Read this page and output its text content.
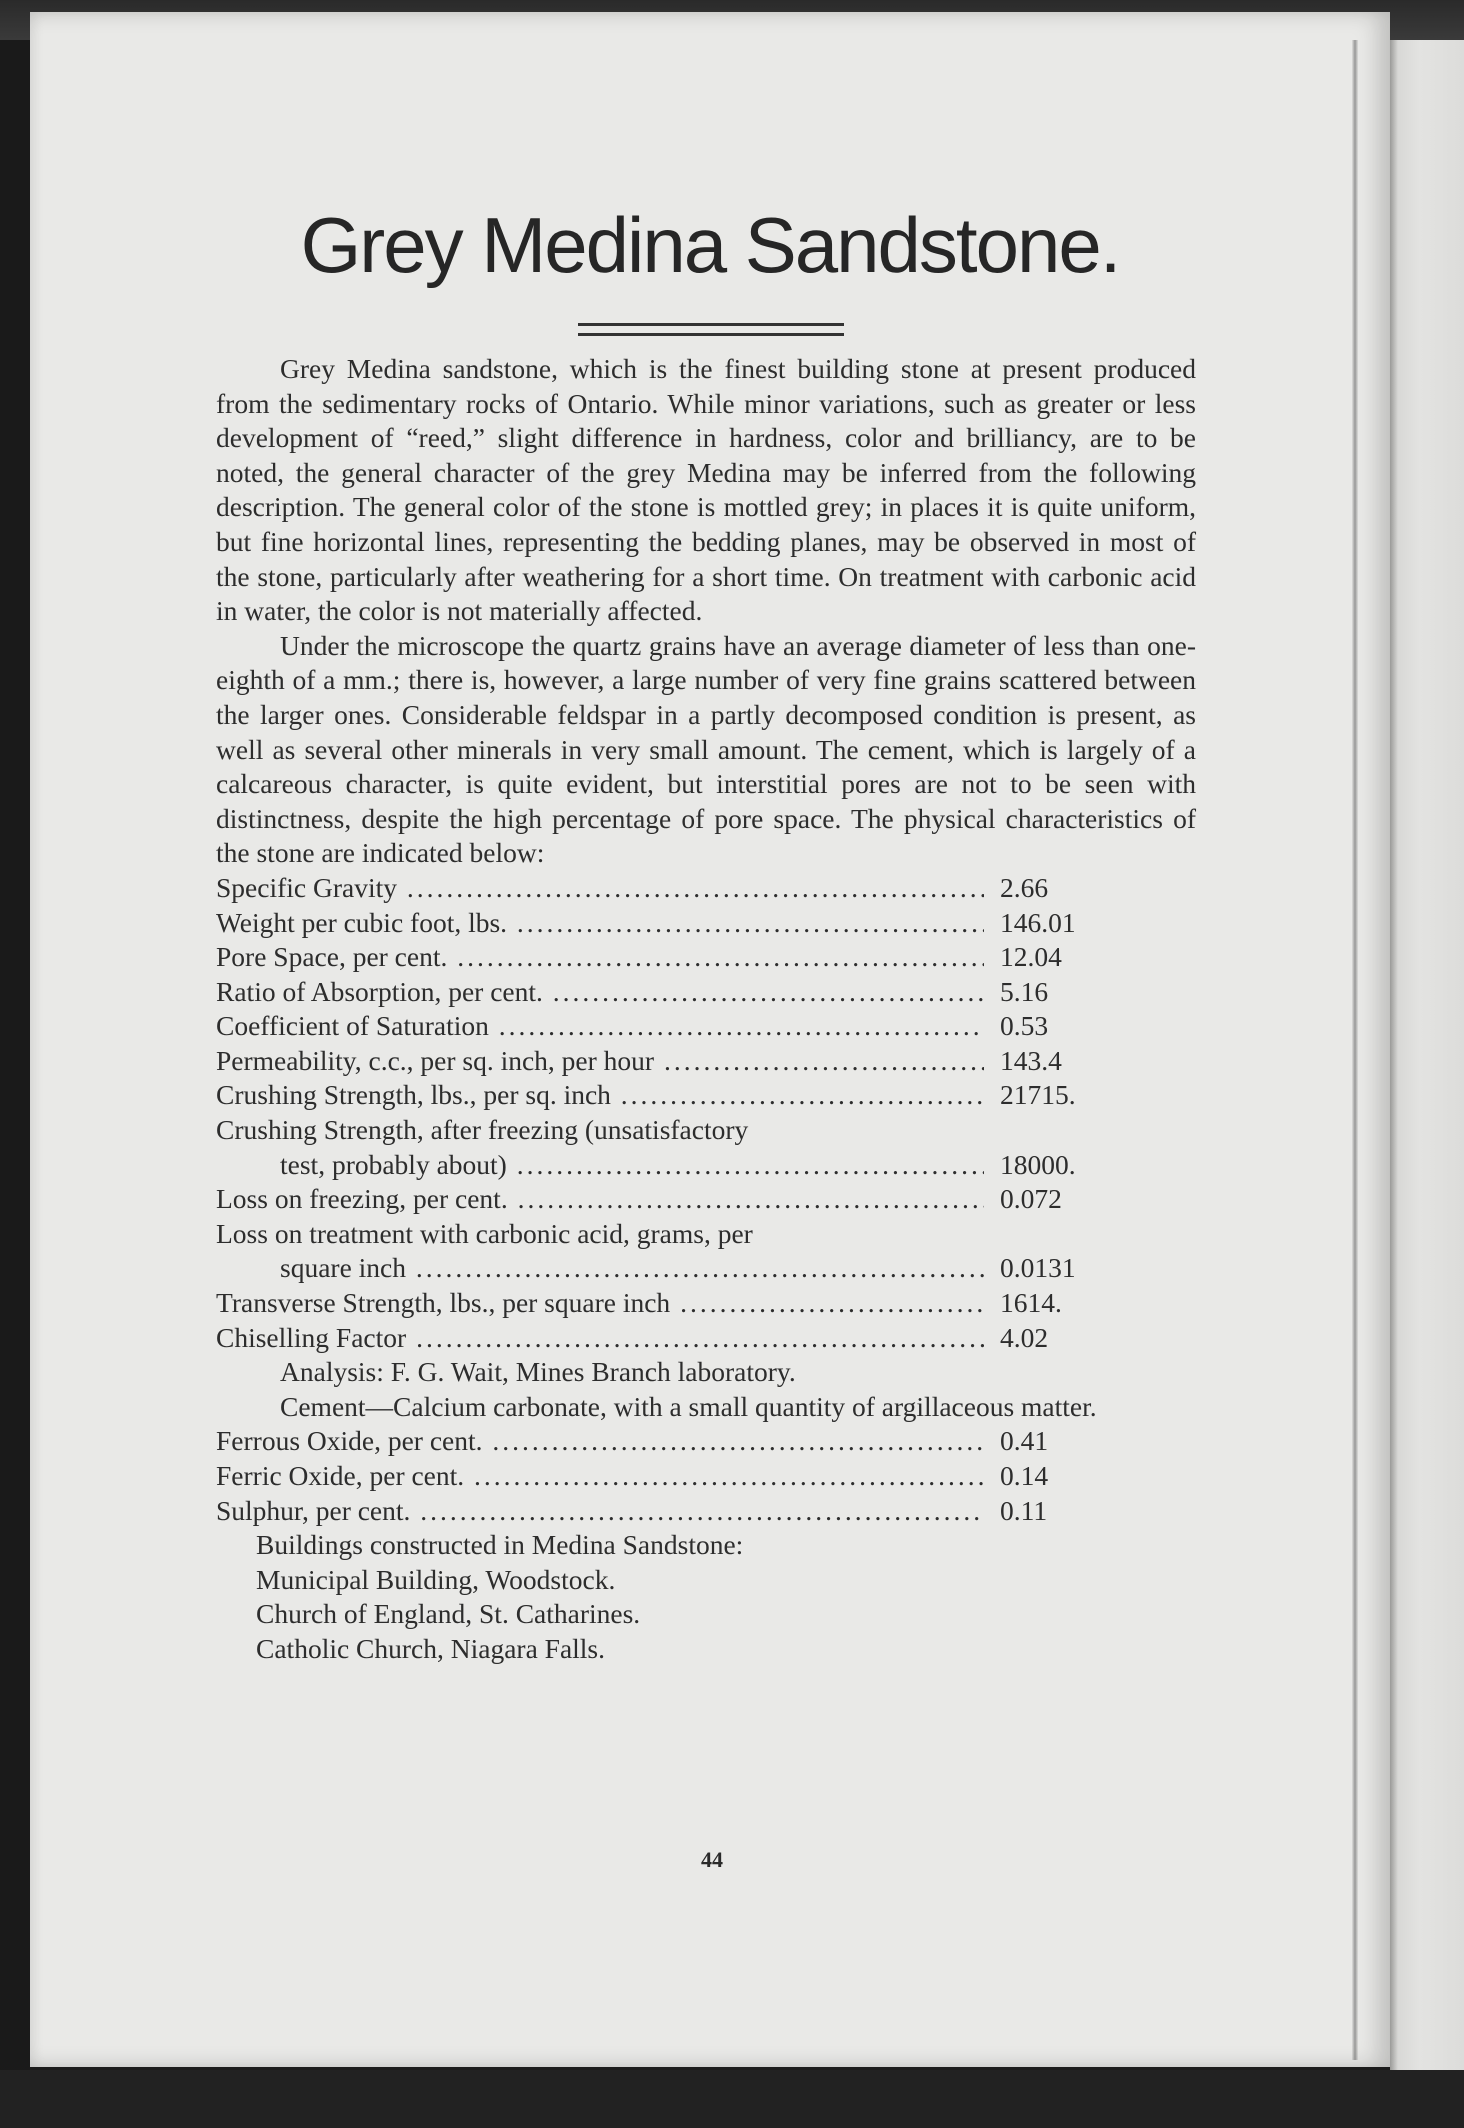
Grey Medina Sandstone.

Grey Medina sandstone, which is the finest building stone at present produced from the sedimentary rocks of Ontario. While minor variations, such as greater or less development of “reed,” slight difference in hardness, color and brilliancy, are to be noted, the general character of the grey Medina may be inferred from the following description. The general color of the stone is mottled grey; in places it is quite uniform, but fine horizontal lines, representing the bedding planes, may be observed in most of the stone, particularly after weathering for a short time. On treatment with carbonic acid in water, the color is not materially affected.

Under the microscope the quartz grains have an average diameter of less than one-eighth of a mm.; there is, however, a large number of very fine grains scattered between the larger ones. Considerable feldspar in a partly decomposed condition is present, as well as several other minerals in very small amount. The cement, which is largely of a calcareous character, is quite evident, but interstitial pores are not to be seen with distinctness, despite the high percentage of pore space. The physical characteristics of the stone are indicated below:

Specific Gravity .....	2.66
Weight per cubic foot, lbs. .....	146.01
Pore Space, per cent. .....	12.04
Ratio of Absorption, per cent. .....	5.16
Coefficient of Saturation .....	0.53
Permeability, c.c., per sq. inch, per hour .....	143.4
Crushing Strength, lbs., per sq. inch .....	21715.
Crushing Strength, after freezing (unsatisfactory
test, probably about) .....	18000.
Loss on freezing, per cent. .....	0.072
Loss on treatment with carbonic acid, grams, per
square inch .....	0.0131
Transverse Strength, lbs., per square inch .....	1614.
Chiselling Factor .....	4.02

Analysis: F. G. Wait, Mines Branch laboratory.

Cement—Calcium carbonate, with a small quantity of argillaceous matter.

Ferrous Oxide, per cent. .....	0.41
Ferric Oxide, per cent. .....	0.14
Sulphur, per cent. .....	0.11
Buildings constructed in Medina Sandstone:
Municipal Building, Woodstock.
Church of England, St. Catharines.
Catholic Church, Niagara Falls.
44
